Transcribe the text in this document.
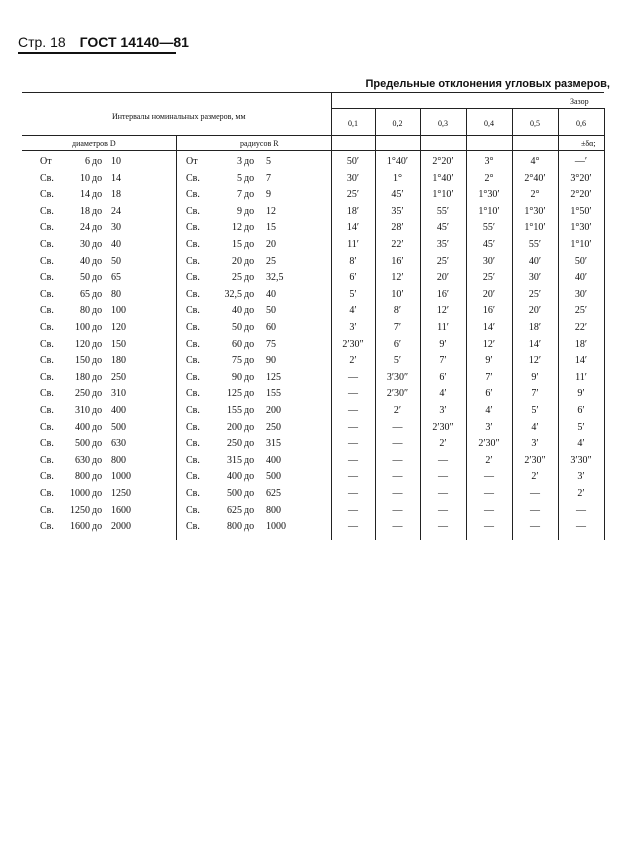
Стр. 18 ГОСТ 14140—81
Предельные отклонения угловых размеров,
Интервалы номинальных размеров, мм
диаметров D	радиусов R
Зазор
0,1	0,2	0,3	0,4	0,5	0,6
±δα;
От	6 до 10	От	3 до 5	50′	1°40′ 2°20′	3°	4°	—′
Св.	10 до 14	Св.	5 до 7	30′	1°	1°40′	2°	2°40′ 3°20′
Св.	14 до 18	Св.	7 до 9	25′	45′	1°10′ 1°30′	2°	2°20′
Св.	18 до 24	Св.	9 до 12	18′	35′	55′	1°10′ 1°30′ 1°50′
Св.	24 до 30	Св.	12 до 15	14′	28′	45′	55′	1°10′ 1°30′
Св.	30 до 40	Св.	15 до 20	11′	22′	35′	45′	55′	1°10′
Св.	40 до 50	Св.	20 до 25	8′	16′	25′	30′	40′	50′
Св.	50 до 65	Св.	25 до 32,5	6′	12′	20′	25′	30′	40′
Св.	65 до 80	Св.	32,5 до 40	5′	10′	16′	20′	25′	30′
Св.	80 до 100	Св.	40 до 50	4′	8′	12′	16′	20′	25′
Св.	100 до 120	Св.	50 до 60	3′	7′	11′	14′	18′	22′
Св.	120 до 150	Св.	60 до 75	2′30″	6′	9′	12′	14′	18′
Св.	150 до 180	Св.	75 до 90	2′	5′	7′	9′	12′	14′
Св.	180 до 250	Св.	90 до 125	—	3′30″	6′	7′	9′	11′
Св.	250 до 310	Св.	125 до 155	—	2′30″	4′	6′	7′	9′
Св.	310 до 400	Св.	155 до 200	—	2′	3′	4′	5′	6′
Св.	400 до 500	Св.	200 до 250	—	—	2′30″	3′	4′	5′
Св.	500 до 630	Св.	250 до 315	—	—	2′	2′30″	3′	4′
Св.	630 до 800	Св.	315 до 400	—	—	—	2′	2′30″ 3′30″
Св.	800 до 1000	Св.	400 до 500	—	—	—	—	2′	3′
Св.	1000 до 1250	Св.	500 до 625	—	—	—	—	—	2′
Св.	1250 до 1600	Св.	625 до 800	—	—	—	—	—	—
Св.	1600 до 2000	Св.	800 до 1000	—	—	—	—	—	—
